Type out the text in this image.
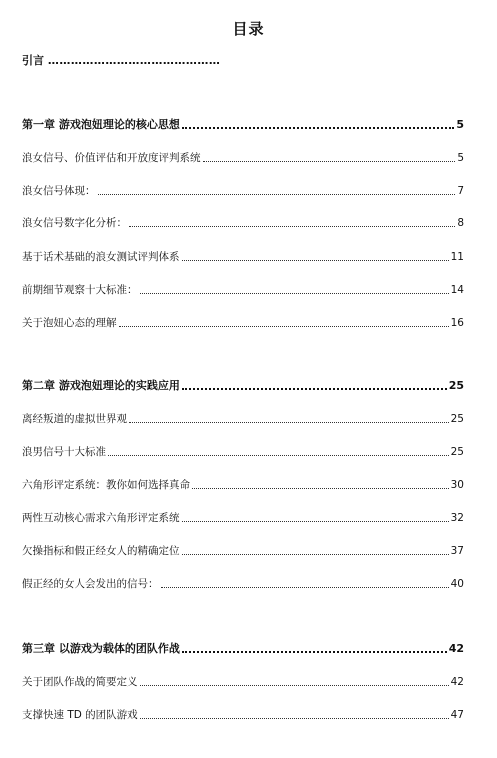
目录
引言 ………………………………………
第一章 游戏泡妞理论的核心思想	5
浪女信号、价值评估和开放度评判系统	5
浪女信号体现：	7
浪女信号数字化分析：	8
基于话术基础的浪女测试评判体系	11
前期细节观察十大标准：	14
关于泡妞心态的理解	16
第二章 游戏泡妞理论的实践应用	25
离经叛道的虚拟世界观	25
浪男信号十大标准	25
六角形评定系统：教你如何选择真命	30
两性互动核心需求六角形评定系统	32
欠操指标和假正经女人的精确定位	37
假正经的女人会发出的信号：	40
第三章 以游戏为载体的团队作战	42
关于团队作战的简要定义	42
支撑快速 TD 的团队游戏	47
